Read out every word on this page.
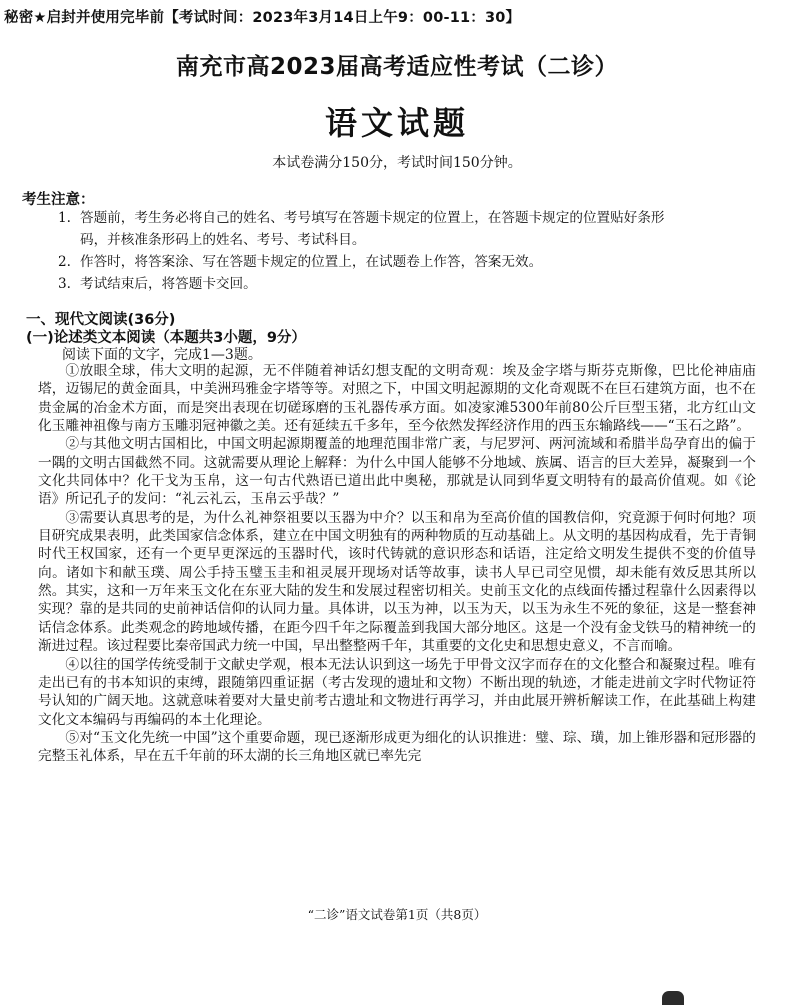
秘密★启封并使用完毕前【考试时间：2023年3月14日上午9：00-11：30】
南充市高2023届高考适应性考试（二诊）
语文试题
本试卷满分150分，考试时间150分钟。
考生注意：
1. 答题前，考生务必将自己的姓名、考号填写在答题卡规定的位置上，在答题卡规定的位置贴好条形码，并核准条形码上的姓名、考号、考试科目。
2. 作答时，将答案涂、写在答题卡规定的位置上，在试题卷上作答，答案无效。
3. 考试结束后，将答题卡交回。
一、现代文阅读(36分)
(一)论述类文本阅读（本题共3小题，9分）
阅读下面的文字，完成1—3题。

①放眼全球，伟大文明的起源，无不伴随着神话幻想支配的文明奇观：埃及金字塔与斯芬克斯像，巴比伦神庙庙塔，迈锡尼的黄金面具，中美洲玛雅金字塔等等。对照之下，中国文明起源期的文化奇观既不在巨石建筑方面，也不在贵金属的冶金术方面，而是突出表现在切磋琢磨的玉礼器传承方面。如凌家滩5300年前80公斤巨型玉猪，北方红山文化玉雕神祖像与南方玉雕羽冠神徽之美。还有延续五千多年，至今依然发挥经济作用的西玉东输路线——“玉石之路”。

②与其他文明古国相比，中国文明起源期覆盖的地理范围非常广袤，与尼罗河、两河流域和希腊半岛孕育出的偏于一隅的文明古国截然不同。这就需要从理论上解释：为什么中国人能够不分地域、族属、语言的巨大差异，凝聚到一个文化共同体中？化干戈为玉帛，这一句古代熟语已道出此中奥秘，那就是认同到华夏文明特有的最高价值观。如《论语》所记孔子的发问：“礼云礼云，玉帛云乎哉？”

③需要认真思考的是，为什么礼神祭祖要以玉器为中介？以玉和帛为至高价值的国教信仰，究竟源于何时何地？项目研究成果表明，此类国家信念体系，建立在中国文明独有的两种物质的互动基础上。从文明的基因构成看，先于青铜时代王权国家，还有一个更早更深远的玉器时代，该时代铸就的意识形态和话语，注定给文明发生提供不变的价值导向。诸如卞和献玉璞、周公手持玉璧玉圭和祖灵展开现场对话等故事，读书人早已司空见惯，却未能有效反思其所以然。其实，这和一万年来玉文化在东亚大陆的发生和发展过程密切相关。史前玉文化的点线面传播过程靠什么因素得以实现？靠的是共同的史前神话信仰的认同力量。具体讲，以玉为神，以玉为天，以玉为永生不死的象征，这是一整套神话信念体系。此类观念的跨地域传播，在距今四千年之际覆盖到我国大部分地区。这是一个没有金戈铁马的精神统一的渐进过程。该过程要比秦帝国武力统一中国，早出整整两千年，其重要的文化史和思想史意义，不言而喻。

④以往的国学传统受制于文献史学观，根本无法认识到这一场先于甲骨文汉字而存在的文化整合和凝聚过程。唯有走出已有的书本知识的束缚，跟随第四重证据（考古发现的遗址和文物）不断出现的轨迹，才能走进前文字时代物证符号认知的广阔天地。这就意味着要对大量史前考古遗址和文物进行再学习，并由此展开辨析解读工作，在此基础上构建文化文本编码与再编码的本土化理论。

⑤对“玉文化先统一中国”这个重要命题，现已逐渐形成更为细化的认识推进：璧、琮、璜，加上锥形器和冠形器的完整玉礼体系，早在五千年前的环太湖的长三角地区就已率先完

“二诊”语文试卷第1页（共8页）
